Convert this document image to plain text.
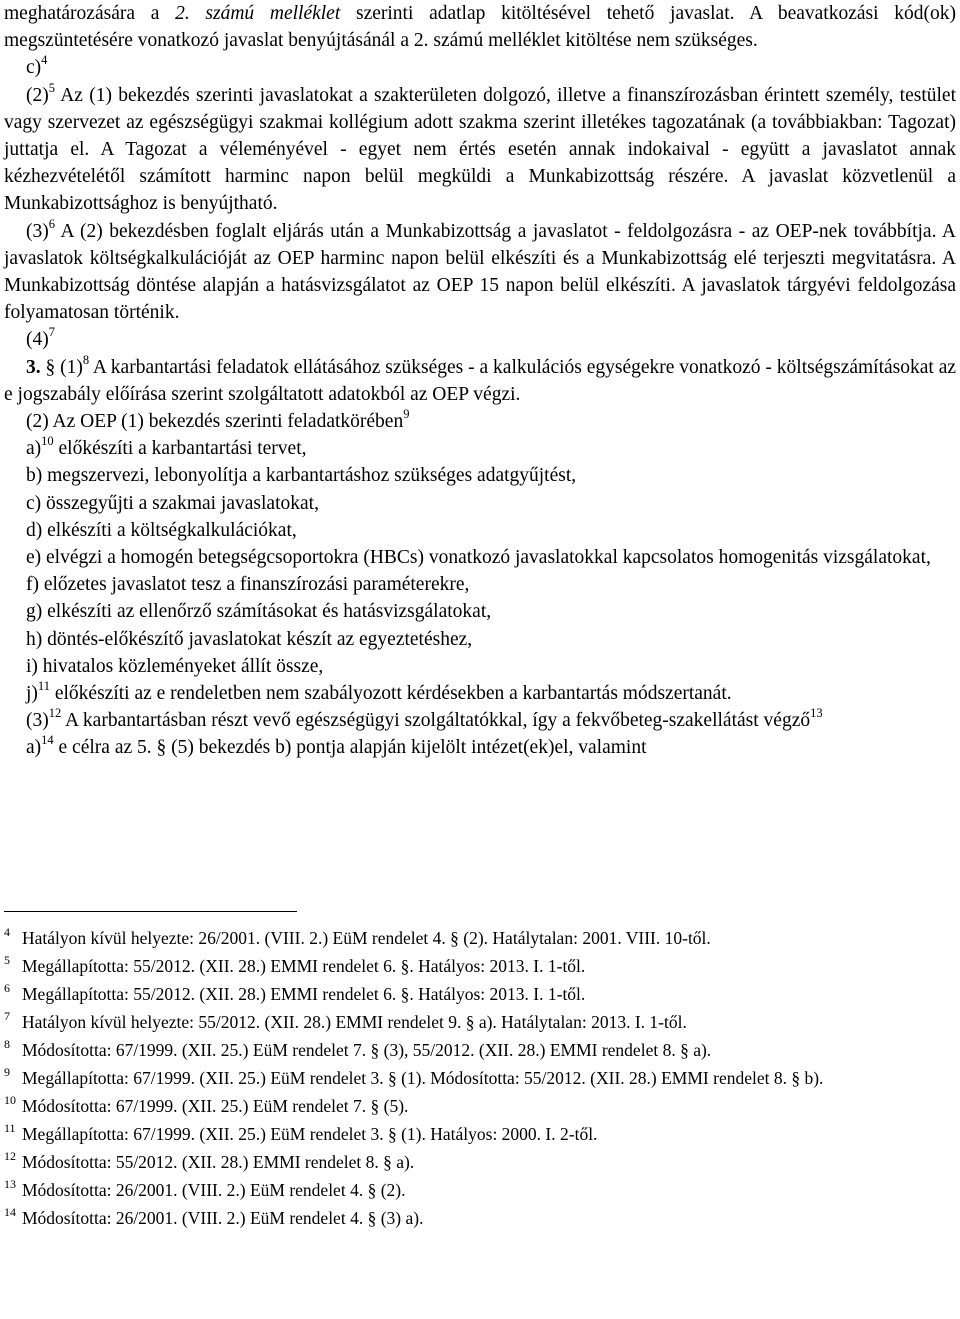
meghatározására a 2. számú melléklet szerinti adatlap kitöltésével tehető javaslat. A beavatkozási kód(ok) megszüntetésére vonatkozó javaslat benyújtásánál a 2. számú melléklet kitöltése nem szükséges.

c)$^4$

$(2)^5$ Az (1) bekezdés szerinti javaslatokat a szakterületen dolgozó, illetve a finanszírozásban érintett személy, testület vagy szervezet az egészségügyi szakmai kollégium adott szakma szerint illetékes tagozatának (a továbbiakban: Tagozat) juttatja el. A Tagozat a véleményével - egyet nem értés esetén annak indokaival - együtt a javaslatot annak kézhezvételétől számított harminc napon belül megküldi a Munkabizottság részére. A javaslat közvetlenül a Munkabizottsághoz is benyújtható.

$(3)^6$ A (2) bekezdésben foglalt eljárás után a Munkabizottság a javaslatot - feldolgozásra - az OEP-nek továbbítja. A javaslatok költségkalkulációját az OEP harminc napon belül elkészíti és a Munkabizottság elé terjeszti megvitatásra. A Munkabizottság döntése alapján a hatásvizsgálatot az OEP 15 napon belül elkészíti. A javaslatok tárgyévi feldolgozása folyamatosan történik.

$(4)^7$

3. § $(1)^8$ A karbantartási feladatok ellátásához szükséges - a kalkulációs egységekre vonatkozó - költségszámításokat az e jogszabály előírása szerint szolgáltatott adatokból az OEP végzi.

(2) Az OEP (1) bekezdés szerinti feladatkörében$^9$

a)$^{10}$ előkészíti a karbantartási tervet,

b) megszervezi, lebonyolítja a karbantartáshoz szükséges adatgyűjtést,

c) összegyűjti a szakmai javaslatokat,

d) elkészíti a költségkalkulációkat,

e) elvégzi a homogén betegségcsoportokra (HBCs) vonatkozó javaslatokkal kapcsolatos homogenitás vizsgálatokat,

f) előzetes javaslatot tesz a finanszírozási paraméterekre,

g) elkészíti az ellenőrző számításokat és hatásvizsgálatokat,

h) döntés-előkészítő javaslatokat készít az egyeztetéshez,

i) hivatalos közleményeket állít össze,

j)$^{11}$ előkészíti az e rendeletben nem szabályozott kérdésekben a karbantartás módszertanát.

$(3)^{12}$ A karbantartásban részt vevő egészségügyi szolgáltatókkal, így a fekvőbeteg-szakellátást végző$^{13}$

a)$^{14}$ e célra az 5. § (5) bekezdés b) pontja alapján kijelölt intézet(ek)el, valamint

$^4$ Hatályon kívül helyezte: 26/2001. (VIII. 2.) EüM rendelet 4. § (2). Hatálytalan: 2001. VIII. 10-től.

$^5$ Megállapította: 55/2012. (XII. 28.) EMMI rendelet 6. §. Hatályos: 2013. I. 1-től.

$^6$ Megállapította: 55/2012. (XII. 28.) EMMI rendelet 6. §. Hatályos: 2013. I. 1-től.

$^7$ Hatályon kívül helyezte: 55/2012. (XII. 28.) EMMI rendelet 9. § a). Hatálytalan: 2013. I. 1-től.

$^8$ Módosította: 67/1999. (XII. 25.) EüM rendelet 7. § (3), 55/2012. (XII. 28.) EMMI rendelet 8. § a).

$^9$ Megállapította: 67/1999. (XII. 25.) EüM rendelet 3. § (1). Módosította: 55/2012. (XII. 28.) EMMI rendelet 8. § b).

$^{10}$ Módosította: 67/1999. (XII. 25.) EüM rendelet 7. § (5).

$^{11}$ Megállapította: 67/1999. (XII. 25.) EüM rendelet 3. § (1). Hatályos: 2000. I. 2-től.

$^{12}$ Módosította: 55/2012. (XII. 28.) EMMI rendelet 8. § a).

$^{13}$ Módosította: 26/2001. (VIII. 2.) EüM rendelet 4. § (2).

$^{14}$ Módosította: 26/2001. (VIII. 2.) EüM rendelet 4. § (3) a).
